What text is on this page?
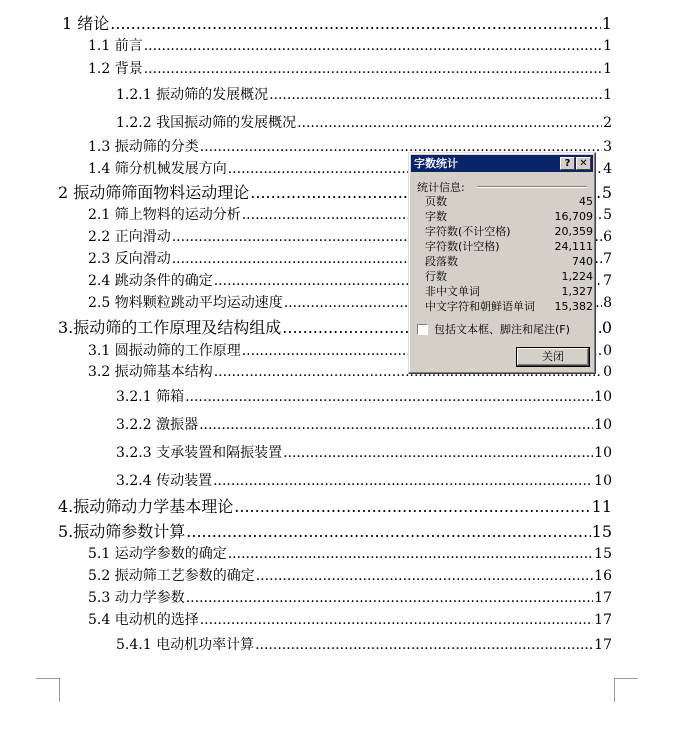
1 绪论 .....	1
1.1 前言 .....	1
1.2 背景 .....	1
1.2.1 振动筛的发展概况 .....	1
1.2.2 我国振动筛的发展概况 .....	2
1.3 振动筛的分类 .....	3
1.4 筛分机械发展方向 .....	4
2 振动筛筛面物料运动理论 .....	5
2.1 筛上物料的运动分析 .....	5
2.2 正向滑动 .....	6
2.3 反向滑动 .....	7
2.4 跳动条件的确定 .....	7
2.5 物料颗粒跳动平均运动速度 .....	8
3.振动筛的工作原理及结构组成 .....	0
3.1 圆振动筛的工作原理 .....	0
3.2 振动筛基本结构 .....	0
3.2.1 筛箱 .....	10
3.2.2 激振器 .....	10
3.2.3 支承装置和隔振装置 .....	10
3.2.4 传动装置 .....	10
4.振动筛动力学基本理论 .....	11
5.振动筛参数计算 .....	15
5.1 运动学参数的确定 .....	15
5.2 振动筛工艺参数的确定 .....	16
5.3 动力学参数 .....	17
5.4 电动机的选择 .....	17
5.4.1 电动机功率计算 .....	17
字数统计	? ✕
统计信息:
页数	45
字数	16,709
字符数(不计空格)	20,359
字符数(计空格)	24,111
段落数	740
行数	1,224
非中文单词	1,327
中文字符和朝鲜语单词 15,382
包括文本框、脚注和尾注(F)
关闭
